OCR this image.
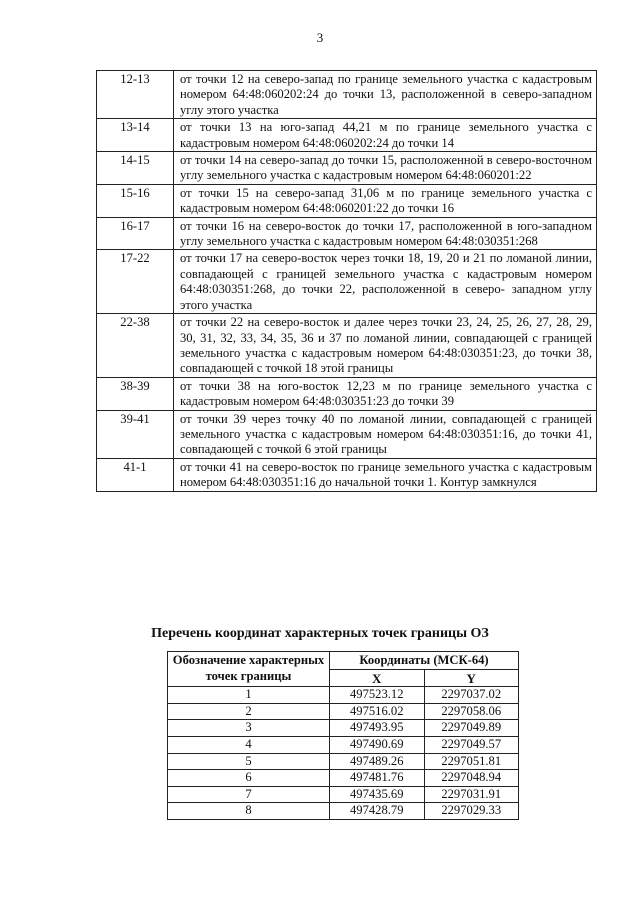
3
12-13	от точки 12 на северо-запад по границе земельного участка с кадастровым номером 64:48:060202:24 до точки 13, расположенной в северо-западном углу этого участка
13-14	от точки 13 на юго-запад 44,21 м по границе земельного участка с кадастровым номером 64:48:060202:24 до точки 14
14-15	от точки 14 на северо-запад до точки 15, расположенной в северо-восточном углу земельного участка с кадастровым номером 64:48:060201:22
15-16	от точки 15 на северо-запад 31,06 м по границе земельного участка с кадастровым номером 64:48:060201:22 до точки 16
16-17	от точки 16 на северо-восток до точки 17, расположенной в юго-западном углу земельного участка с кадастровым номером 64:48:030351:268
17-22	от точки 17 на северо-восток через точки 18, 19, 20 и 21 по ломаной линии, совпадающей с границей земельного участка с кадастровым номером 64:48:030351:268, до точки 22, расположенной в северо- западном углу этого участка
22-38	от точки 22 на северо-восток и далее через точки 23, 24, 25, 26, 27, 28, 29, 30, 31, 32, 33, 34, 35, 36 и 37 по ломаной линии, совпадающей с границей земельного участка с кадастровым номером 64:48:030351:23, до точки 38, совпадающей с точкой 18 этой границы
38-39	от точки 38 на юго-восток 12,23 м по границе земельного участка с кадастровым номером 64:48:030351:23 до точки 39
39-41	от точки 39 через точку 40 по ломаной линии, совпадающей с границей земельного участка с кадастровым номером 64:48:030351:16, до точки 41, совпадающей с точкой 6 этой границы
41-1	от точки 41 на северо-восток по границе земельного участка с кадастровым номером 64:48:030351:16 до начальной точки 1. Контур замкнулся
Перечень координат характерных точек границы ОЗ
Обозначение характерных точек границы	Координаты (МСК-64)	
	X	Y
1	497523.12	2297037.02
2	497516.02	2297058.06
3	497493.95	2297049.89
4	497490.69	2297049.57
5	497489.26	2297051.81
6	497481.76	2297048.94
7	497435.69	2297031.91
8	497428.79	2297029.33
